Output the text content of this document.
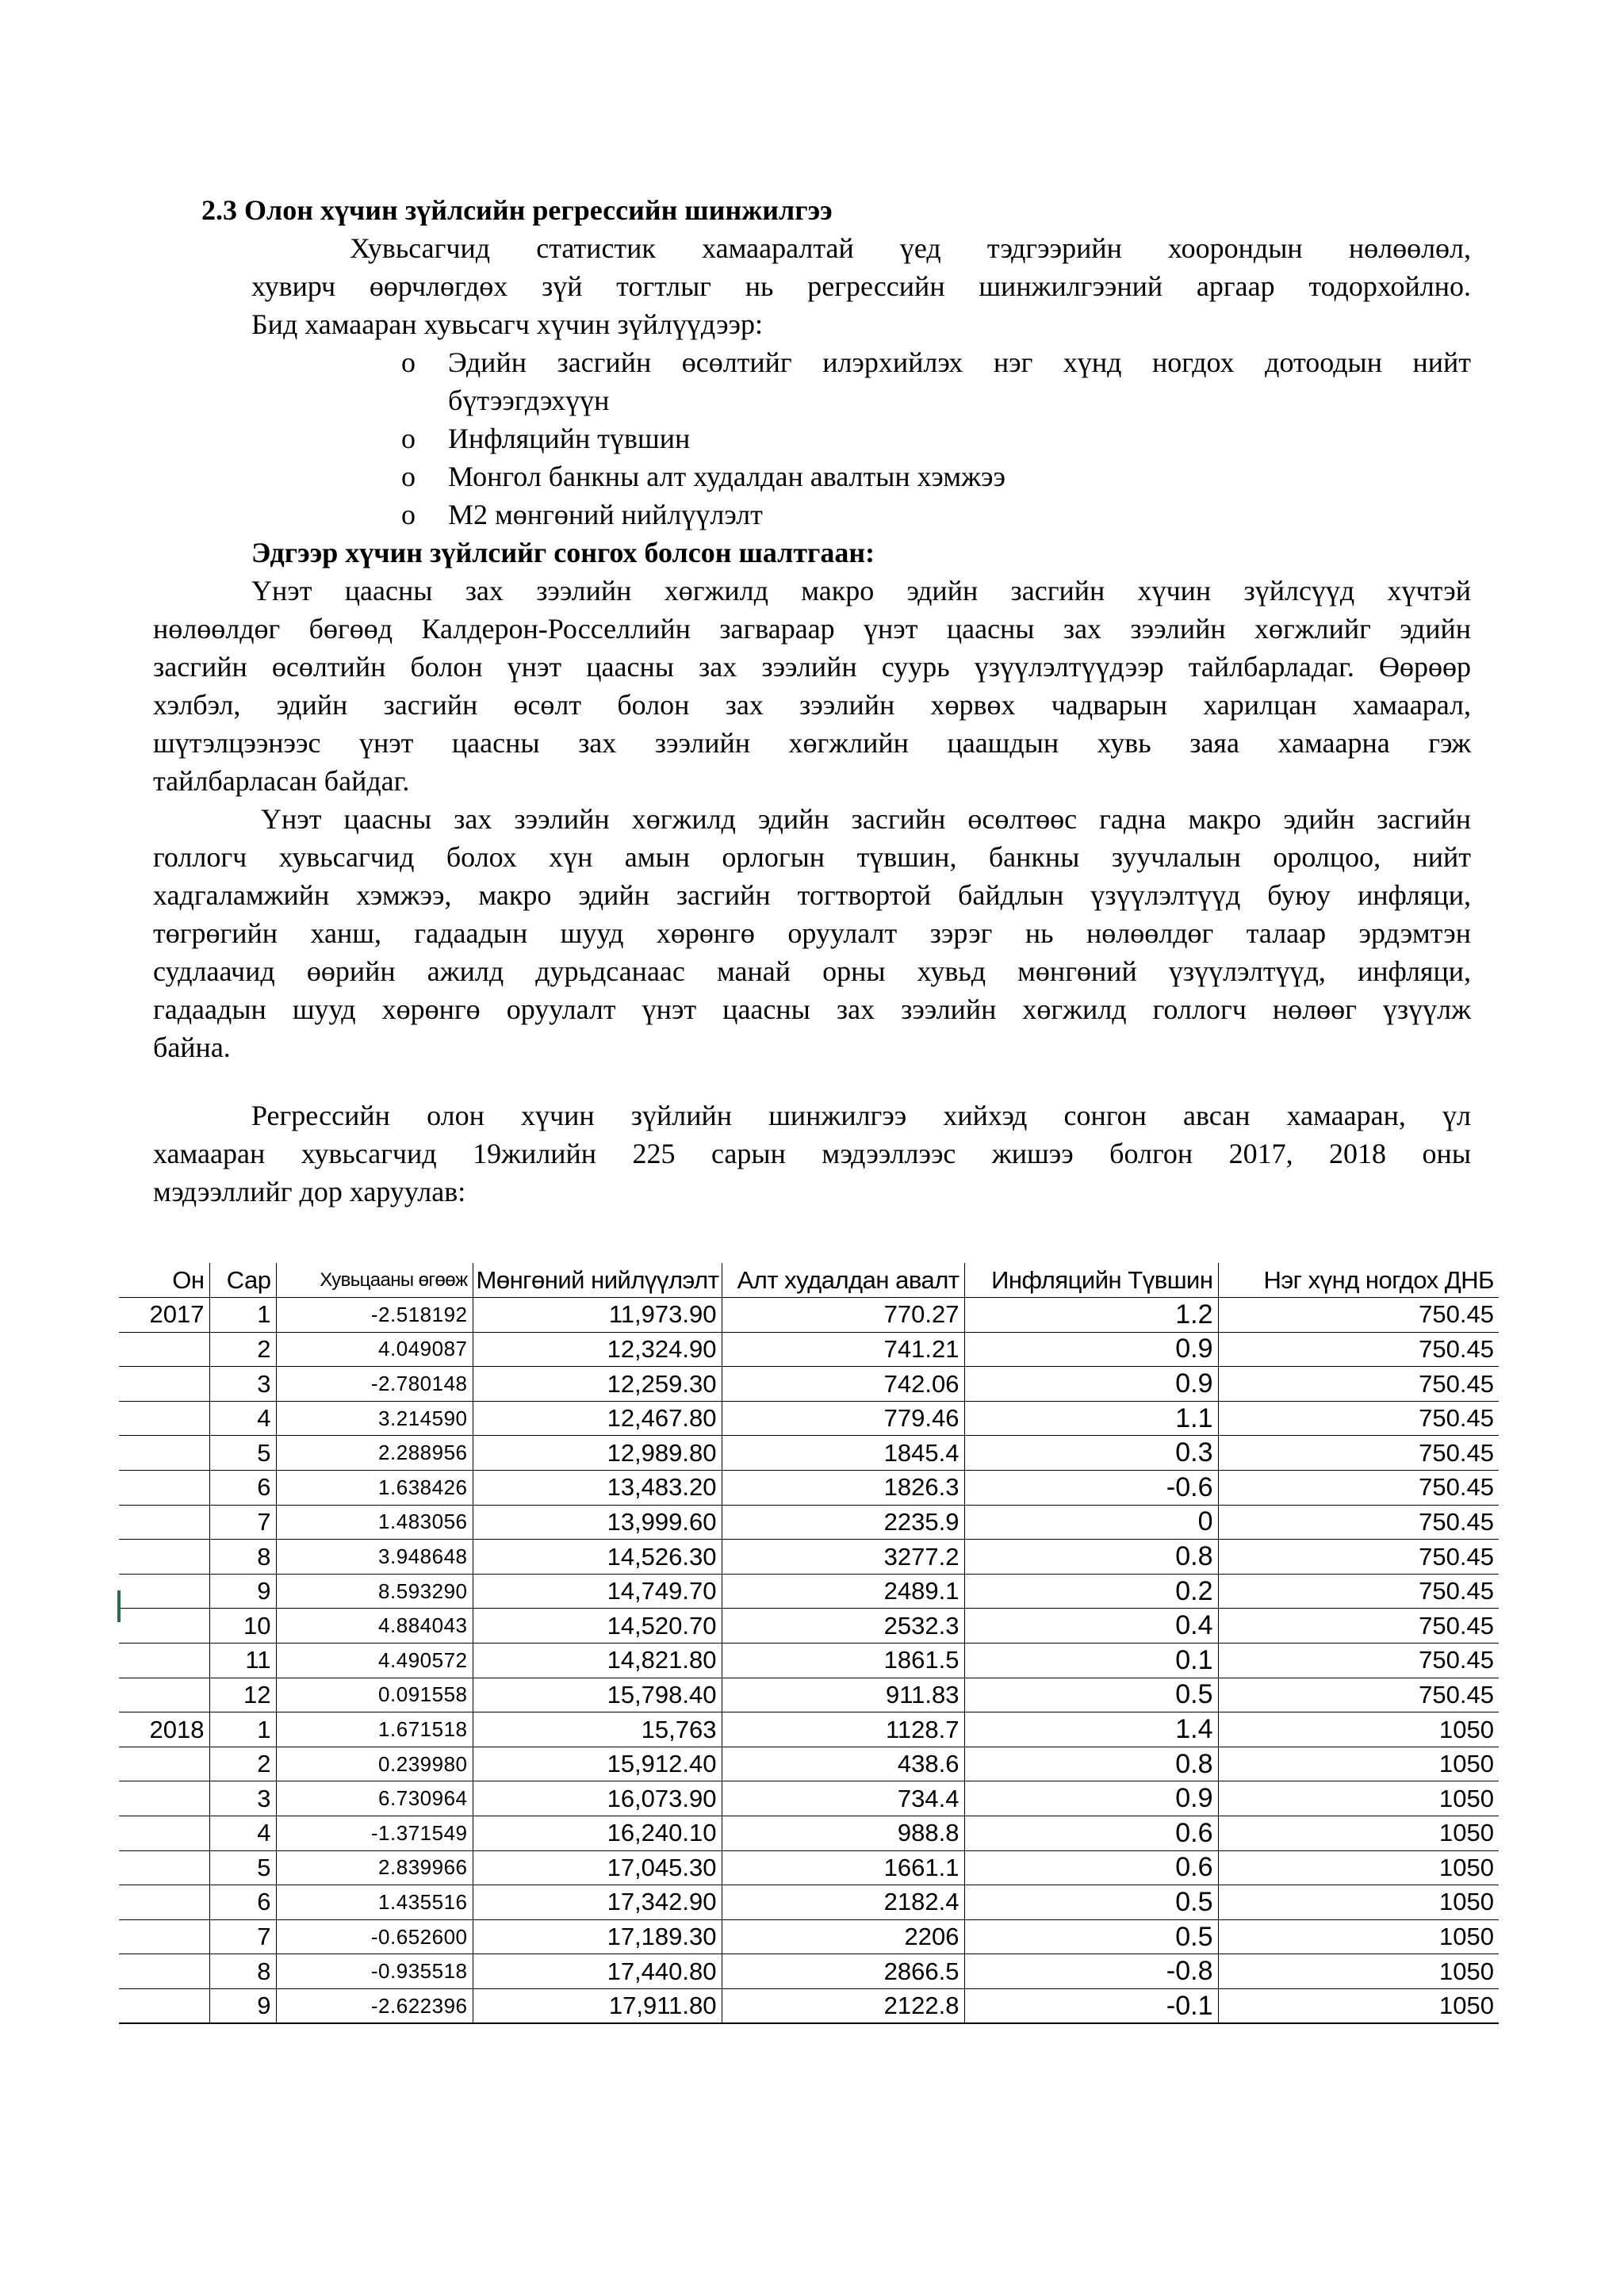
2.3 Олон хүчин зүйлсийн регрессийн шинжилгээ
Хувьсагчид статистик хамааралтай үед тэдгээрийн хоорондын нөлөөлөл,
хувирч өөрчлөгдөх зүй тогтлыг нь регрессийн шинжилгээний аргаар тодорхойлно.
Бид хамааран хувьсагч хүчин зүйлүүдээр:
o Эдийн засгийн өсөлтийг илэрхийлэх нэг хүнд ногдох дотоодын нийт
бүтээгдэхүүн
o Инфляцийн түвшин
o Монгол банкны алт худалдан авалтын хэмжээ
o М2 мөнгөний нийлүүлэлт
Эдгээр хүчин зүйлсийг сонгох болсон шалтгаан:
Үнэт цаасны зах зээлийн хөгжилд макро эдийн засгийн хүчин зүйлсүүд хүчтэй
нөлөөлдөг бөгөөд Калдерон-Росселлийн загвараар үнэт цаасны зах зээлийн хөгжлийг эдийн
засгийн өсөлтийн болон үнэт цаасны зах зээлийн суурь үзүүлэлтүүдээр тайлбарладаг. Өөрөөр
хэлбэл, эдийн засгийн өсөлт болон зах зээлийн хөрвөх чадварын харилцан хамаарал,
шүтэлцээнээс үнэт цаасны зах зээлийн хөгжлийн цаашдын хувь заяа хамаарна гэж
тайлбарласан байдаг.
Үнэт цаасны зах зээлийн хөгжилд эдийн засгийн өсөлтөөс гадна макро эдийн засгийн
голлогч хувьсагчид болох хүн амын орлогын түвшин, банкны зуучлалын оролцоо, нийт
хадгаламжийн хэмжээ, макро эдийн засгийн тогтвортой байдлын үзүүлэлтүүд буюу инфляци,
төгрөгийн ханш, гадаадын шууд хөрөнгө оруулалт зэрэг нь нөлөөлдөг талаар эрдэмтэн
судлаачид өөрийн ажилд дурьдсанаас манай орны хувьд мөнгөний үзүүлэлтүүд, инфляци,
гадаадын шууд хөрөнгө оруулалт үнэт цаасны зах зээлийн хөгжилд голлогч нөлөөг үзүүлж
байна.
Регрессийн олон хүчин зүйлийн шинжилгээ хийхэд сонгон авсан хамааран, үл
хамааран хувьсагчид 19жилийн 225 сарын мэдээллээс жишээ болгон 2017, 2018 оны
мэдээллийг дор харуулав:
Он	Сар	Хувьцааны өгөөж	Мөнгөний нийлүүлэлт	Алт худалдан авалт	Инфляцийн Түвшин	Нэг хүнд ногдох ДНБ
2017	1	-2.518192	11,973.90	770.27	1.2	750.45
	2	4.049087	12,324.90	741.21	0.9	750.45
	3	-2.780148	12,259.30	742.06	0.9	750.45
	4	3.214590	12,467.80	779.46	1.1	750.45
	5	2.288956	12,989.80	1845.4	0.3	750.45
	6	1.638426	13,483.20	1826.3	-0.6	750.45
	7	1.483056	13,999.60	2235.9	0	750.45
	8	3.948648	14,526.30	3277.2	0.8	750.45
	9	8.593290	14,749.70	2489.1	0.2	750.45
	10	4.884043	14,520.70	2532.3	0.4	750.45
	11	4.490572	14,821.80	1861.5	0.1	750.45
	12	0.091558	15,798.40	911.83	0.5	750.45
2018	1	1.671518	15,763	1128.7	1.4	1050
	2	0.239980	15,912.40	438.6	0.8	1050
	3	6.730964	16,073.90	734.4	0.9	1050
	4	-1.371549	16,240.10	988.8	0.6	1050
	5	2.839966	17,045.30	1661.1	0.6	1050
	6	1.435516	17,342.90	2182.4	0.5	1050
	7	-0.652600	17,189.30	2206	0.5	1050
	8	-0.935518	17,440.80	2866.5	-0.8	1050
	9	-2.622396	17,911.80	2122.8	-0.1	1050
